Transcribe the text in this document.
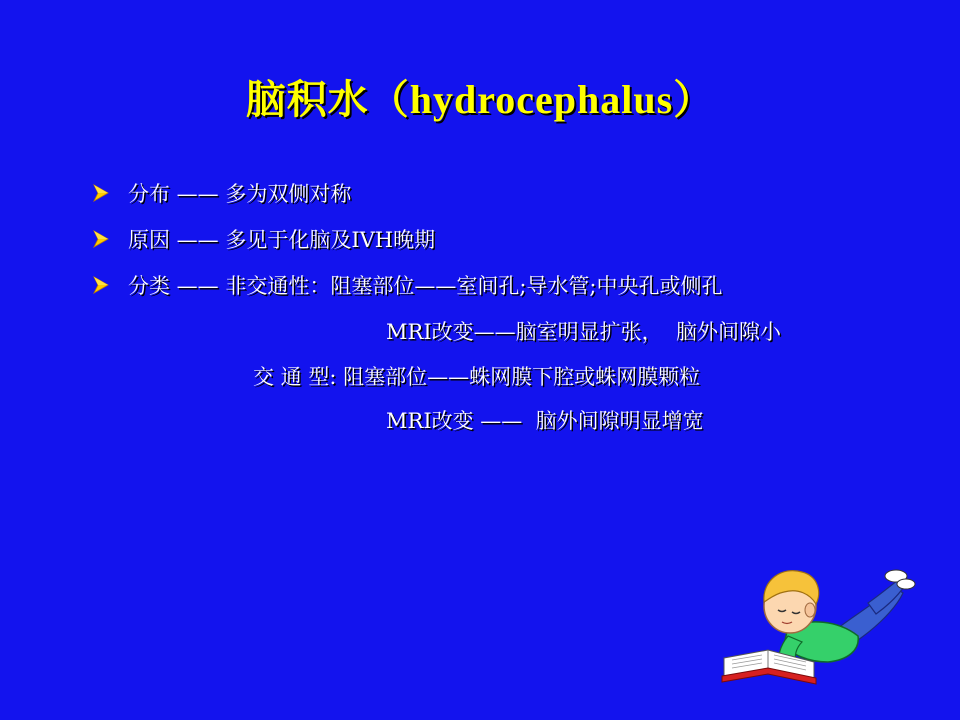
脑积水（hydrocephalus）
分布 —— 多为双侧对称
原因 —— 多见于化脑及IVH晚期
分类 —— 非交通性：阻塞部位——室间孔;导水管;中央孔或侧孔
MRI改变——脑室明显扩张，  脑外间隙小
交 通 型: 阻塞部位——蛛网膜下腔或蛛网膜颗粒
MRI改变 ——  脑外间隙明显增宽
